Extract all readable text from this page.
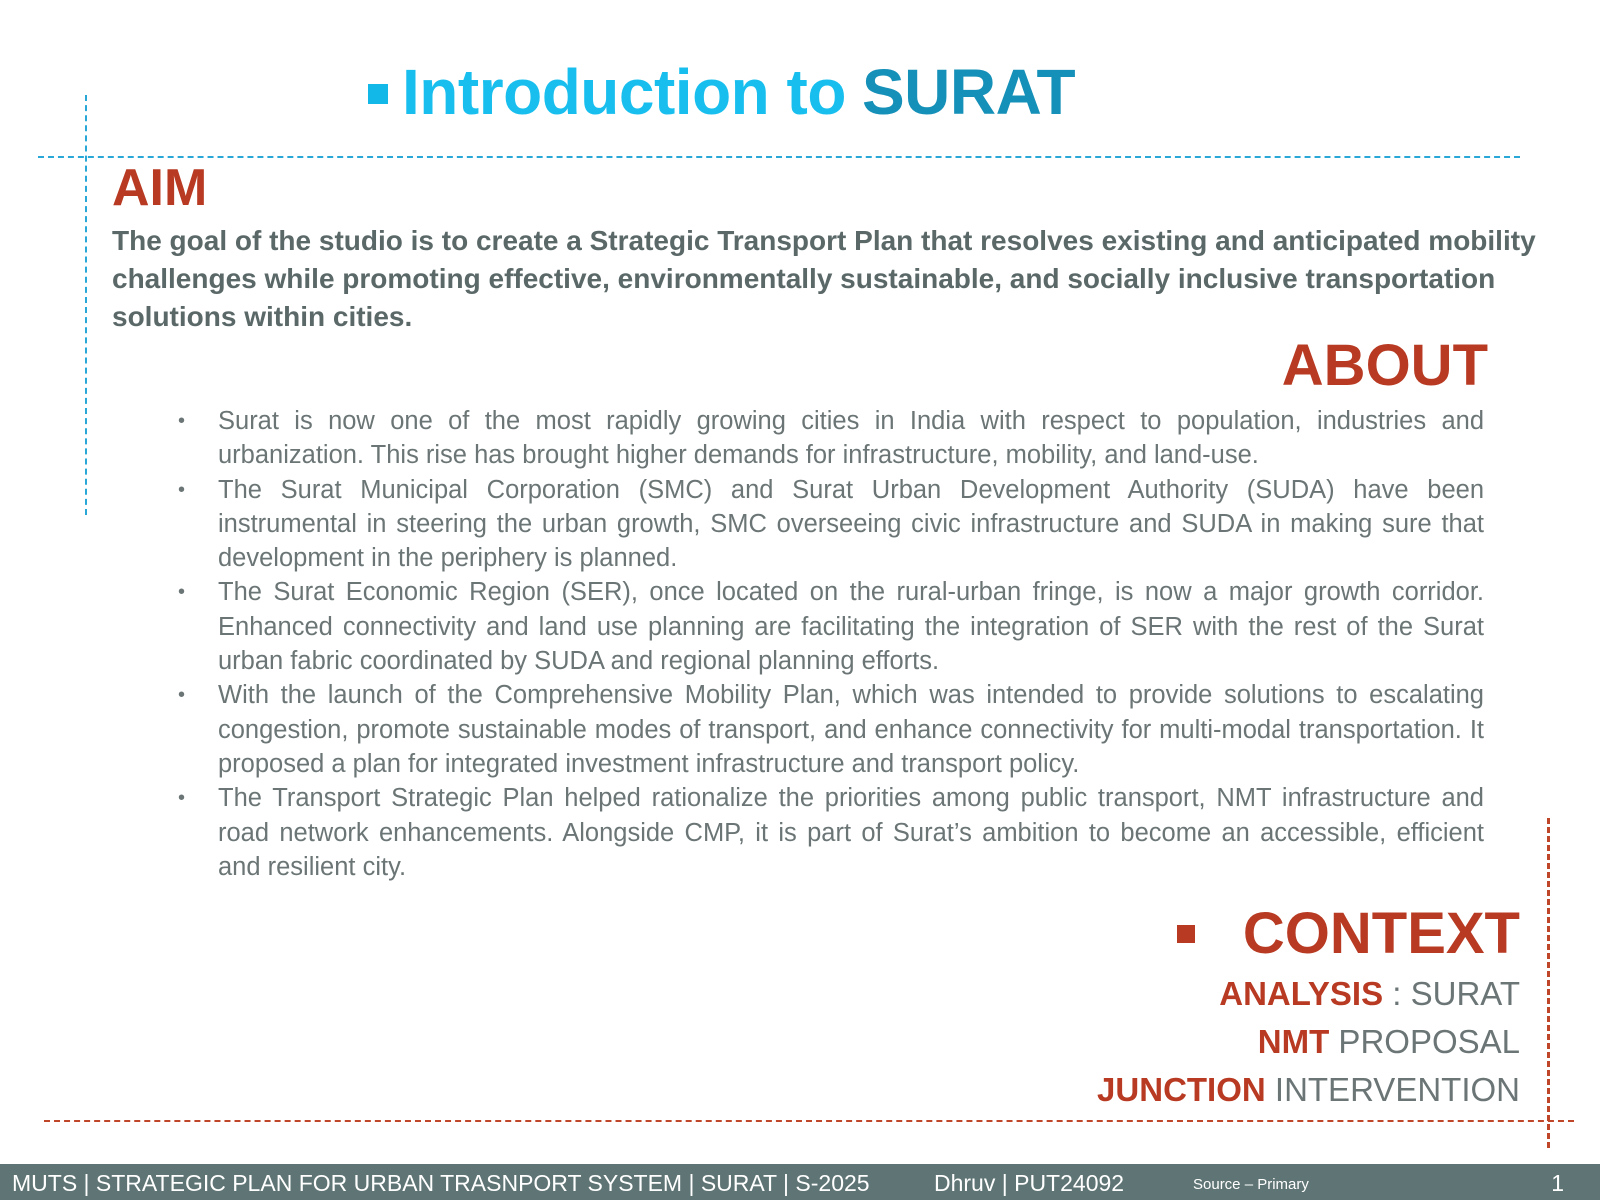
Introduction to SURAT
AIM
The goal of the studio is to create a Strategic Transport Plan that resolves existing and anticipated mobility challenges while promoting effective, environmentally sustainable, and socially inclusive transportation solutions within cities.
ABOUT
• Surat is now one of the most rapidly growing cities in India with respect to population, industries and urbanization. This rise has brought higher demands for infrastructure, mobility, and land-use.
• The Surat Municipal Corporation (SMC) and Surat Urban Development Authority (SUDA) have been instrumental in steering the urban growth, SMC overseeing civic infrastructure and SUDA in making sure that development in the periphery is planned.
• The Surat Economic Region (SER), once located on the rural-urban fringe, is now a major growth corridor. Enhanced connectivity and land use planning are facilitating the integration of SER with the rest of the Surat urban fabric coordinated by SUDA and regional planning efforts.
• With the launch of the Comprehensive Mobility Plan, which was intended to provide solutions to escalating congestion, promote sustainable modes of transport, and enhance connectivity for multi-modal transportation. It proposed a plan for integrated investment infrastructure and transport policy.
• The Transport Strategic Plan helped rationalize the priorities among public transport, NMT infrastructure and road network enhancements. Alongside CMP, it is part of Surat’s ambition to become an accessible, efficient and resilient city.
CONTEXT
ANALYSIS : SURAT
NMT PROPOSAL
JUNCTION INTERVENTION
MUTS | STRATEGIC PLAN FOR URBAN TRASNPORT SYSTEM | SURAT | S-2025	Dhruv | PUT24092	Source – Primary	1
